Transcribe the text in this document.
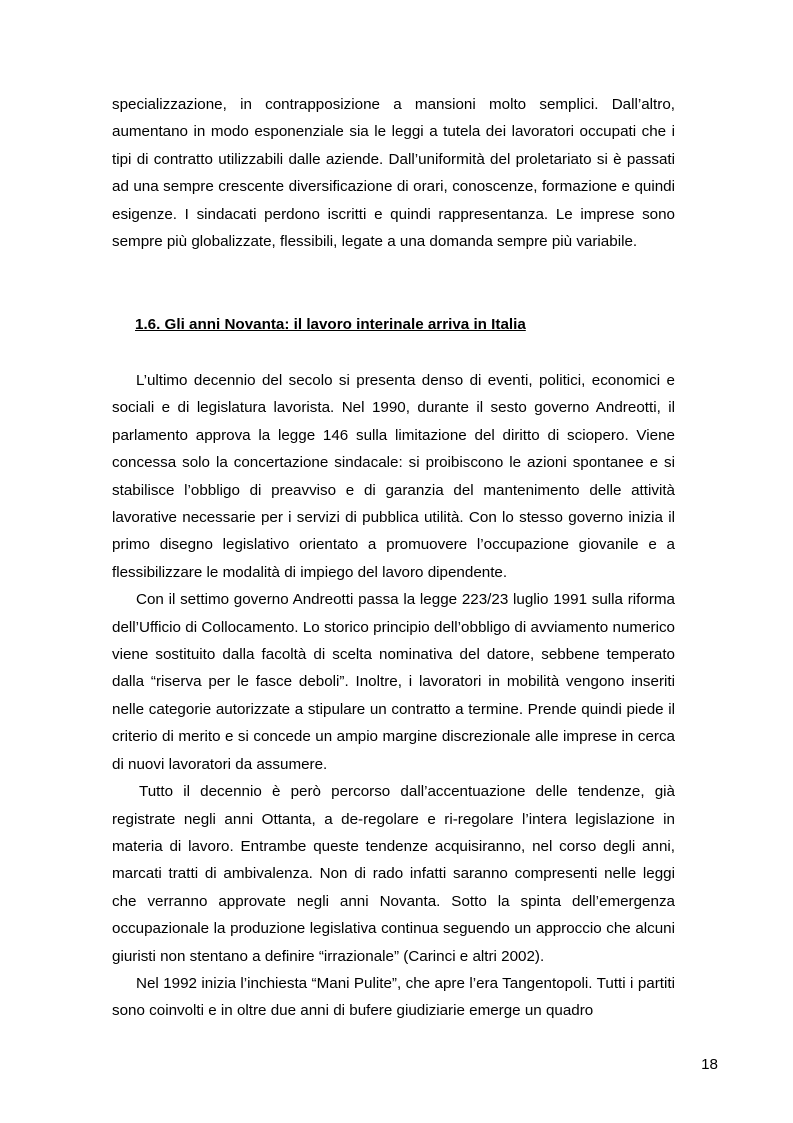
specializzazione, in contrapposizione a mansioni molto semplici. Dall’altro, aumentano in modo esponenziale sia le leggi a tutela dei lavoratori occupati che i tipi di contratto utilizzabili dalle aziende. Dall’uniformità del proletariato si è passati ad una sempre crescente diversificazione di orari, conoscenze, formazione e quindi esigenze. I sindacati perdono iscritti e quindi rappresentanza. Le imprese sono sempre più globalizzate, flessibili, legate a una domanda sempre più variabile.

1.6. Gli anni Novanta: il lavoro interinale arriva in Italia

L’ultimo decennio del secolo si presenta denso di eventi, politici, economici e sociali e di legislatura lavorista. Nel 1990, durante il sesto governo Andreotti, il parlamento approva la legge 146 sulla limitazione del diritto di sciopero. Viene concessa solo la concertazione sindacale: si proibiscono le azioni spontanee e si stabilisce l’obbligo di preavviso e di garanzia del mantenimento delle attività lavorative necessarie per i servizi di pubblica utilità. Con lo stesso governo inizia il primo disegno legislativo orientato a promuovere l’occupazione giovanile e a flessibilizzare le modalità di impiego del lavoro dipendente.

Con il settimo governo Andreotti passa la legge 223/23 luglio 1991 sulla riforma dell’Ufficio di Collocamento. Lo storico principio dell’obbligo di avviamento numerico viene sostituito dalla facoltà di scelta nominativa del datore, sebbene temperato dalla “riserva per le fasce deboli”. Inoltre, i lavoratori in mobilità vengono inseriti nelle categorie autorizzate a stipulare un contratto a termine. Prende quindi piede il criterio di merito e si concede un ampio margine discrezionale alle imprese in cerca di nuovi lavoratori da assumere.

Tutto il decennio è però percorso dall’accentuazione delle tendenze, già registrate negli anni Ottanta, a de-regolare e ri-regolare l’intera legislazione in materia di lavoro. Entrambe queste tendenze acquisiranno, nel corso degli anni, marcati tratti di ambivalenza. Non di rado infatti saranno compresenti nelle leggi che verranno approvate negli anni Novanta. Sotto la spinta dell’emergenza occupazionale la produzione legislativa continua seguendo un approccio che alcuni giuristi non stentano a definire “irrazionale” (Carinci e altri 2002).

Nel 1992 inizia l’inchiesta “Mani Pulite”, che apre l’era Tangentopoli. Tutti i partiti sono coinvolti e in oltre due anni di bufere giudiziarie emerge un quadro

18
